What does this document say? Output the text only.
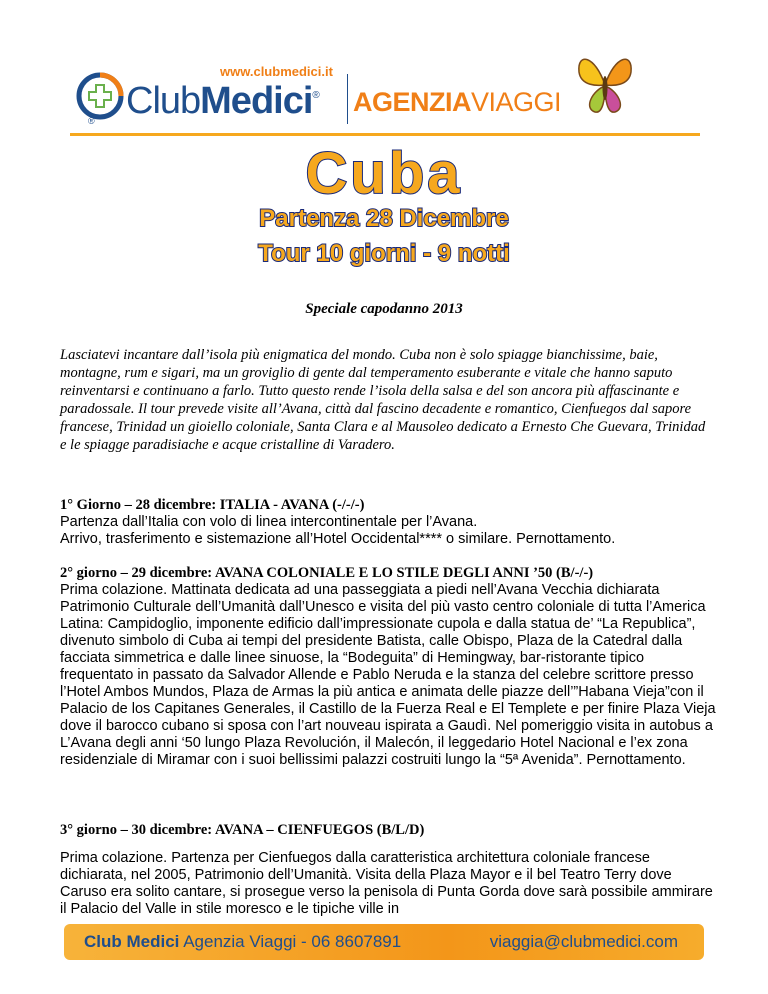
®
www.clubmedici.it
ClubMedici® AGENZIAVIAGGI
Cuba
Partenza 28 Dicembre
Tour 10 giorni - 9 notti
Speciale capodanno 2013

Lasciatevi incantare dall’isola più enigmatica del mondo. Cuba non è solo spiagge bianchissime, baie, montagne, rum e sigari, ma un groviglio di gente dal temperamento esuberante e vitale che hanno saputo reinventarsi e continuano a farlo. Tutto questo rende l’isola della salsa e del son ancora più affascinante e paradossale. Il tour prevede visite all’Avana, città dal fascino decadente e romantico, Cienfuegos dal sapore francese, Trinidad un gioiello coloniale, Santa Clara e al Mausoleo dedicato a Ernesto Che Guevara, Trinidad e le spiagge paradisiache e acque cristalline di Varadero.

1° Giorno – 28 dicembre: ITALIA - AVANA (-/-/-)

Partenza dall’Italia con volo di linea intercontinentale per l’Avana.

Arrivo, trasferimento e sistemazione all’Hotel Occidental**** o similare. Pernottamento.

2° giorno – 29 dicembre: AVANA COLONIALE E LO STILE DEGLI ANNI ’50 (B/-/-)

Prima colazione. Mattinata dedicata ad una passeggiata a piedi nell’Avana Vecchia dichiarata Patrimonio Culturale dell’Umanità dall’Unesco e visita del più vasto centro coloniale di tutta l’America Latina: Campidoglio, imponente edificio dall’impressionate cupola e dalla statua de’ “La Republica”, divenuto simbolo di Cuba ai tempi del presidente Batista, calle Obispo, Plaza de la Catedral dalla facciata simmetrica e dalle linee sinuose, la “Bodeguita” di Hemingway, bar-ristorante tipico frequentato in passato da Salvador Allende e Pablo Neruda e la stanza del celebre scrittore presso l’Hotel Ambos Mundos, Plaza de Armas la più antica e animata delle piazze dell’”Habana Vieja”con il Palacio de los Capitanes Generales, il Castillo de la Fuerza Real e El Templete e per finire Plaza Vieja dove il barocco cubano si sposa con l’art nouveau ispirata a Gaudì. Nel pomeriggio visita in autobus a L’Avana degli anni ‘50 lungo Plaza Revolución, il Malecón, il leggedario Hotel Nacional e l’ex zona residenziale di Miramar con i suoi bellissimi palazzi costruiti lungo la “5ª Avenida”. Pernottamento.

3° giorno – 30 dicembre: AVANA – CIENFUEGOS (B/L/D)

Prima colazione. Partenza per Cienfuegos dalla caratteristica architettura coloniale francese dichiarata, nel 2005, Patrimonio dell’Umanità. Visita della Plaza Mayor e il bel Teatro Terry dove Caruso era solito cantare, si prosegue verso la penisola di Punta Gorda dove sarà possibile ammirare il Palacio del Valle in stile moresco e le tipiche ville in

Club Medici Agenzia Viaggi - 06 8607891	viaggia@clubmedici.com
